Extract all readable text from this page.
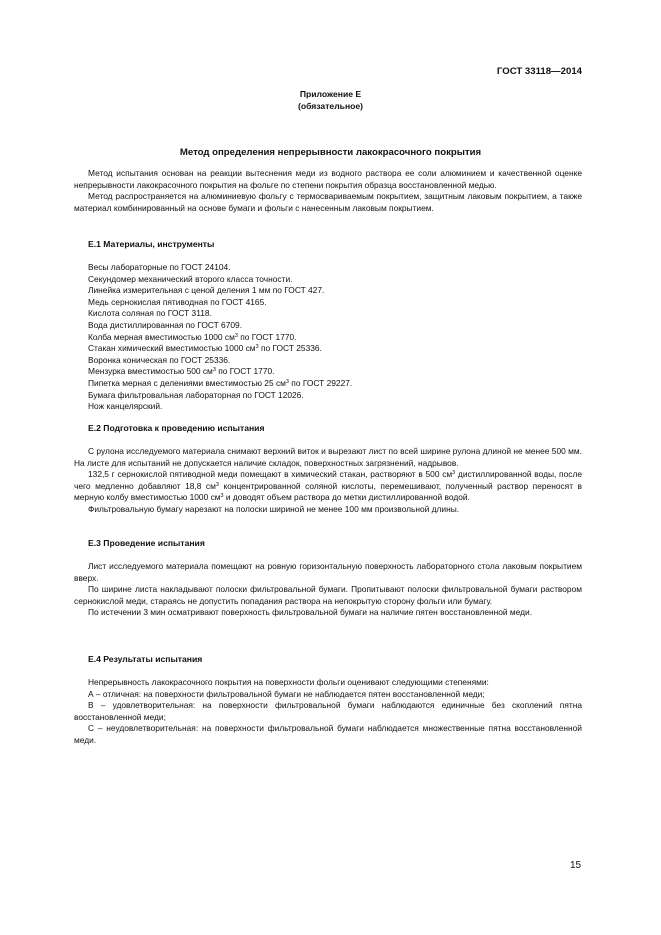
ГОСТ 33118—2014
Приложение Е
(обязательное)
Метод определения непрерывности лакокрасочного покрытия

Метод испытания основан на реакции вытеснения меди из водного раствора ее соли алюминием и качественной оценке непрерывности лакокрасочного покрытия на фольге по степени покрытия образца восстановленной медью.

Метод распространяется на алюминиевую фольгу с термосвариваемым покрытием, защитным лаковым покрытием, а также материал комбинированный на основе бумаги и фольги с нанесенным лаковым покрытием.

Е.1 Материалы, инструменты

Весы лабораторные по ГОСТ 24104.
Секундомер механический второго класса точности.
Линейка измерительная с ценой деления 1 мм по ГОСТ 427.
Медь сернокислая пятиводная по ГОСТ 4165.
Кислота соляная по ГОСТ 3118.
Вода дистиллированная по ГОСТ 6709.
Колба мерная вместимостью 1000 $см^3$ по ГОСТ 1770.
Стакан химический вместимостью 1000 $см^3$ по ГОСТ 25336.
Воронка коническая по ГОСТ 25336.
Мензурка вместимостью 500 $см^3$ по ГОСТ 1770.
Пипетка мерная с делениями вместимостью 25 $см^3$ по ГОСТ 29227.
Бумага фильтровальная лабораторная по ГОСТ 12026.
Нож канцелярский.

Е.2 Подготовка к проведению испытания

С рулона исследуемого материала снимают верхний виток и вырезают лист по всей ширине рулона длиной не менее 500 мм. На листе для испытаний не допускается наличие складок, поверхностных загрязнений, надрывов.

132,5 г сернокислой пятиводной меди помещают в химический стакан, растворяют в 500 $см^3$ дистиллированной воды, после чего медленно добавляют 18,8 $см^3$ концентрированной соляной кислоты, перемешивают, полученный раствор переносят в мерную колбу вместимостью 1000 $см^3$ и доводят объем раствора до метки дистиллированной водой.

Фильтровальную бумагу нарезают на полоски шириной не менее 100 мм произвольной длины.

Е.3 Проведение испытания

Лист исследуемого материала помещают на ровную горизонтальную поверхность лабораторного стола лаковым покрытием вверх.

По ширине листа накладывают полоски фильтровальной бумаги. Пропитывают полоски фильтровальной бумаги раствором сернокислой меди, стараясь не допустить попадания раствора на непокрытую сторону фольги или бумагу.

По истечении 3 мин осматривают поверхность фильтровальной бумаги на наличие пятен восстановленной меди.

Е.4 Результаты испытания

Непрерывность лакокрасочного покрытия на поверхности фольги оценивают следующими степенями:

А – отличная: на поверхности фильтровальной бумаги не наблюдается пятен восстановленной меди;

В – удовлетворительная: на поверхности фильтровальной бумаги наблюдаются единичные без скоплений пятна восстановленной меди;

С – неудовлетворительная: на поверхности фильтровальной бумаги наблюдается множественные пятна восстановленной меди.

15
